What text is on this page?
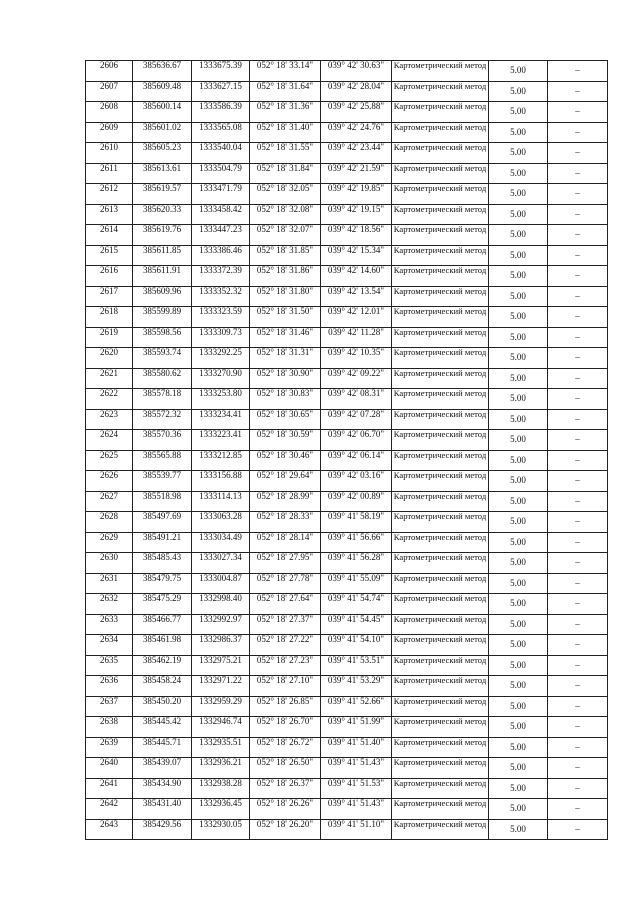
2606	385636.67	1333675.39	052° 18' 33.14"	039° 42' 30.63"	Картометрический метод	5.00	–
2607	385609.48	1333627.15	052° 18' 31.64"	039° 42' 28.04"	Картометрический метод	5.00	–
2608	385600.14	1333586.39	052° 18' 31.36"	039° 42' 25.88"	Картометрический метод	5.00	–
2609	385601.02	1333565.08	052° 18' 31.40"	039° 42' 24.76"	Картометрический метод	5.00	–
2610	385605.23	1333540.04	052° 18' 31.55"	039° 42' 23.44"	Картометрический метод	5.00	–
2611	385613.61	1333504.79	052° 18' 31.84"	039° 42' 21.59"	Картометрический метод	5.00	–
2612	385619.57	1333471.79	052° 18' 32.05"	039° 42' 19.85"	Картометрический метод	5.00	–
2613	385620.33	1333458.42	052° 18' 32.08"	039° 42' 19.15"	Картометрический метод	5.00	–
2614	385619.76	1333447.23	052° 18' 32.07"	039° 42' 18.56"	Картометрический метод	5.00	–
2615	385611.85	1333386.46	052° 18' 31.85"	039° 42' 15.34"	Картометрический метод	5.00	–
2616	385611.91	1333372.39	052° 18' 31.86"	039° 42' 14.60"	Картометрический метод	5.00	–
2617	385609.96	1333352.32	052° 18' 31.80"	039° 42' 13.54"	Картометрический метод	5.00	–
2618	385599.89	1333323.59	052° 18' 31.50"	039° 42' 12.01"	Картометрический метод	5.00	–
2619	385598.56	1333309.73	052° 18' 31.46"	039° 42' 11.28"	Картометрический метод	5.00	–
2620	385593.74	1333292.25	052° 18' 31.31"	039° 42' 10.35"	Картометрический метод	5.00	–
2621	385580.62	1333270.90	052° 18' 30.90"	039° 42' 09.22"	Картометрический метод	5.00	–
2622	385578.18	1333253.80	052° 18' 30.83"	039° 42' 08.31"	Картометрический метод	5.00	–
2623	385572.32	1333234.41	052° 18' 30.65"	039° 42' 07.28"	Картометрический метод	5.00	–
2624	385570.36	1333223.41	052° 18' 30.59"	039° 42' 06.70"	Картометрический метод	5.00	–
2625	385565.88	1333212.85	052° 18' 30.46"	039° 42' 06.14"	Картометрический метод	5.00	–
2626	385539.77	1333156.88	052° 18' 29.64"	039° 42' 03.16"	Картометрический метод	5.00	–
2627	385518.98	1333114.13	052° 18' 28.99"	039° 42' 00.89"	Картометрический метод	5.00	–
2628	385497.69	1333063.28	052° 18' 28.33"	039° 41' 58.19"	Картометрический метод	5.00	–
2629	385491.21	1333034.49	052° 18' 28.14"	039° 41' 56.66"	Картометрический метод	5.00	–
2630	385485.43	1333027.34	052° 18' 27.95"	039° 41' 56.28"	Картометрический метод	5.00	–
2631	385479.75	1333004.87	052° 18' 27.78"	039° 41' 55.09"	Картометрический метод	5.00	–
2632	385475.29	1332998.40	052° 18' 27.64"	039° 41' 54.74"	Картометрический метод	5.00	–
2633	385466.77	1332992.97	052° 18' 27.37"	039° 41' 54.45"	Картометрический метод	5.00	–
2634	385461.98	1332986.37	052° 18' 27.22"	039° 41' 54.10"	Картометрический метод	5.00	–
2635	385462.19	1332975.21	052° 18' 27.23"	039° 41' 53.51"	Картометрический метод	5.00	–
2636	385458.24	1332971.22	052° 18' 27.10"	039° 41' 53.29"	Картометрический метод	5.00	–
2637	385450.20	1332959.29	052° 18' 26.85"	039° 41' 52.66"	Картометрический метод	5.00	–
2638	385445.42	1332946.74	052° 18' 26.70"	039° 41' 51.99"	Картометрический метод	5.00	–
2639	385445.71	1332935.51	052° 18' 26.72"	039° 41' 51.40"	Картометрический метод	5.00	–
2640	385439.07	1332936.21	052° 18' 26.50"	039° 41' 51.43"	Картометрический метод	5.00	–
2641	385434.90	1332938.28	052° 18' 26.37"	039° 41' 51.53"	Картометрический метод	5.00	–
2642	385431.40	1332936.45	052° 18' 26.26"	039° 41' 51.43"	Картометрический метод	5.00	–
2643	385429.56	1332930.05	052° 18' 26.20"	039° 41' 51.10"	Картометрический метод	5.00	–
